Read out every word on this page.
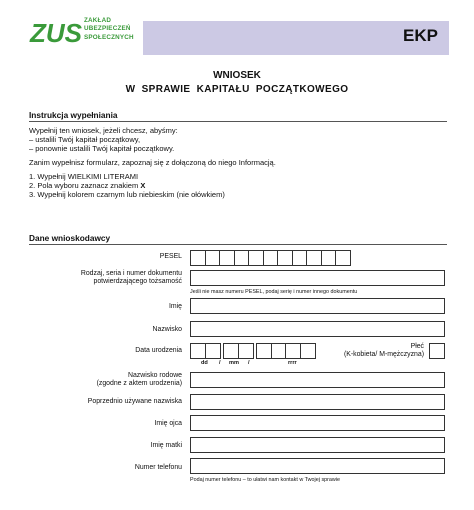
ZUS ZAKŁAD
UBEZPIECZEŃ
SPOŁECZNYCH	EKP
WNIOSEK
W SPRAWIE KAPITAŁU POCZĄTKOWEGO
Instrukcja wypełniania
Wypełnij ten wniosek, jeżeli chcesz, abyśmy:
– ustalili Twój kapitał początkowy,
– ponownie ustalili Twój kapitał początkowy.
Zanim wypełnisz formularz, zapoznaj się z dołączoną do niego Informacją.
1. Wypełnij WIELKIMI LITERAMI
2. Pola wyboru zaznacz znakiem X
3. Wypełnij kolorem czarnym lub niebieskim (nie ołówkiem)
Dane wnioskodawcy
PESEL
Rodzaj, seria i numer dokumentu
potwierdzającego tożsamość
Jeśli nie masz numeru PESEL, podaj serię i numer innego dokumentu
Imię
Nazwisko
Data urodzenia
dd / mm /	rrrr
Płeć
(K-kobieta/ M-mężczyzna)
Nazwisko rodowe
(zgodne z aktem urodzenia)
Poprzednio używane nazwiska
Imię ojca
Imię matki
Numer telefonu
Podaj numer telefonu – to ułatwi nam kontakt w Twojej sprawie
